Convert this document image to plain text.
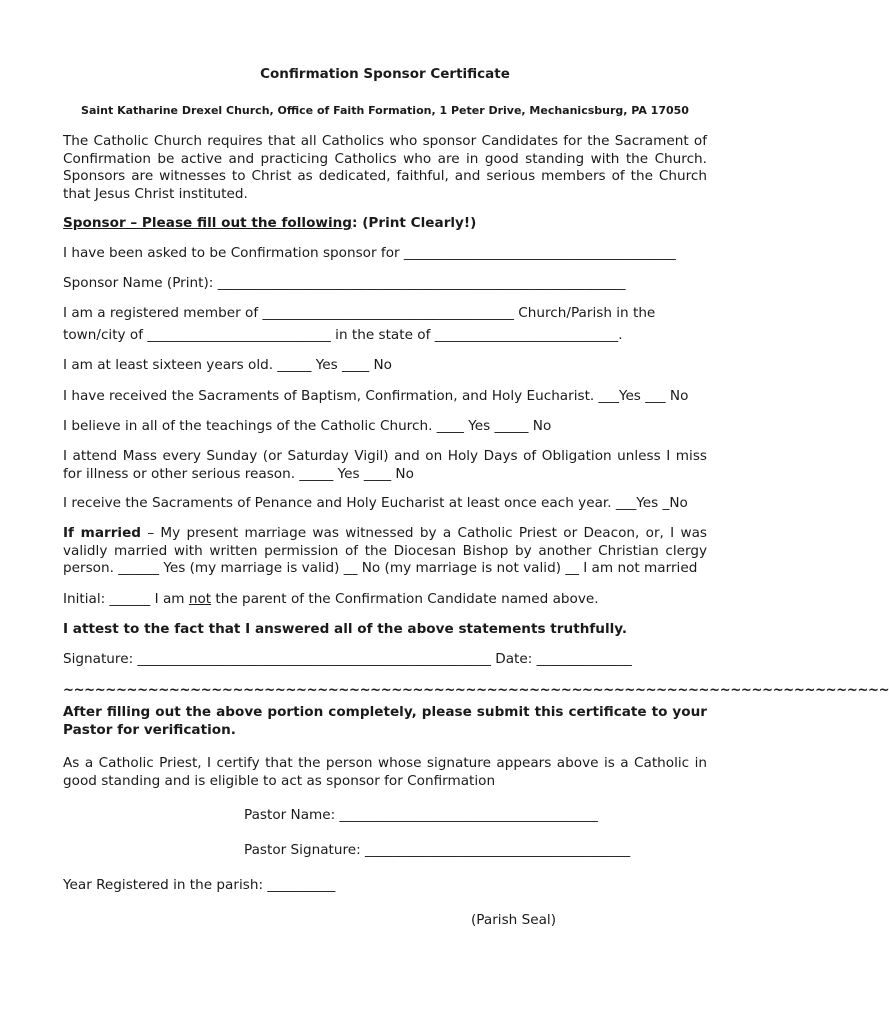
Confirmation Sponsor Certificate
Saint Katharine Drexel Church, Office of Faith Formation, 1 Peter Drive, Mechanicsburg, PA 17050
The Catholic Church requires that all Catholics who sponsor Candidates for the Sacrament of Confirmation be active and practicing Catholics who are in good standing with the Church. Sponsors are witnesses to Christ as dedicated, faithful, and serious members of the Church that Jesus Christ instituted.
Sponsor – Please fill out the following: (Print Clearly!)
I have been asked to be Confirmation sponsor for ________________________________________
Sponsor Name (Print): ____________________________________________________________
I am a registered member of _____________________________________ Church/Parish in the
town/city of ___________________________ in the state of ___________________________.
I am at least sixteen years old. _____ Yes ____ No
I have received the Sacraments of Baptism, Confirmation, and Holy Eucharist. ___Yes ___ No
I believe in all of the teachings of the Catholic Church. ____ Yes _____ No
I attend Mass every Sunday (or Saturday Vigil) and on Holy Days of Obligation unless I miss for illness or other serious reason. _____ Yes ____ No
I receive the Sacraments of Penance and Holy Eucharist at least once each year. ___Yes _No
If married – My present marriage was witnessed by a Catholic Priest or Deacon, or, I was validly married with written permission of the Diocesan Bishop by another Christian clergy person. ______ Yes (my marriage is valid) __ No (my marriage is not valid) __ I am not married
Initial: ______ I am not the parent of the Confirmation Candidate named above.
I attest to the fact that I answered all of the above statements truthfully.
Signature: ____________________________________________________ Date: ______________
~~~~~~~~~~~~~~~~~~~~~~~~~~~~~~~~~~~~~~~~~~~~~~~~~~~~~~~~~~~~~~~~~~~~~~~~~~~~~~
After filling out the above portion completely, please submit this certificate to your Pastor for verification.
As a Catholic Priest, I certify that the person whose signature appears above is a Catholic in good standing and is eligible to act as sponsor for Confirmation
Pastor Name: ______________________________________
Pastor Signature: _______________________________________
Year Registered in the parish: __________
(Parish Seal)
